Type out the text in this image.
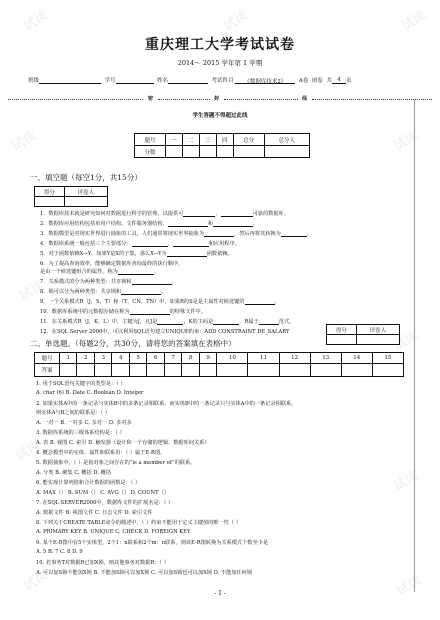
试读	试读	试读
试读	试读
试读
试读
试读
试读
试读	试读
重庆理工大学考试试卷
2014～ 2015 学年第 1 学期
班级	学号	姓名	考试科目 《数据库技术2》 A卷 闭卷 共 4 页
密	封	线
学生答题不得超过此线
题号	一	二	三	四	总分	总分人
分数						
得分	评卷人

一、填空题（每空1分，共15分）
1．数据库技术就是研究如何对数据进行科学的管理，以提供可	、	可靠的数据库。
2．数据库应用结构包括单用户结构、文件服务器结构、	和	。
3．数据模型是对现实世界进行抽象的工具，人们通常将现实世界抽象为	，然后再将其转换为	。
4．数据库系统一般包括三个主要部分：	、	和应用程序。
5．对于函数依赖X→Y，如果Y是X的子集，那么X→Y为	函数依赖。
6．为了提高查询效率，能够确定数据库查询最终的执行顺序，
是由一个候选键组合的属性，称为	。
7．关系模式的分为两种类型：共享锁和	。
8．锁可以分为两种类型：共享锁和	。
9．一个关系模式R（J，S，T）和（T，CN，TN）中，如果R的S是是主属性对候选键的	。
10．数据库系统中的元数据存储在称为	的特殊文件中。
11．在关系模式R（J，K，L）中，主键为J，且J是	，K的主码是	，R属于	范式。
12．在SQL Server 2000中，可以利用SQL语句建立UNIQUE约束：ADD CONSTRAINT DE_SALARY	得分	评卷人

二、单选题。（每题2分，共30分，请将您的答案填在表格中）
题号	1	2	3	4	5	6	7	8	9	10	11	12	13	14	15
答案															
1. 用于SQL语句关键字的类型是：（ ）
A. char (6) B. Date C. Boolean D. Integer
2. 如果实体A中的一条记录与实体B中的多条记录相联系，而实体B中的一条记录只与实体A中的一条记录相联系，
则实体A与B之间的联系是：（ ）
A. 一对一 B. 一对多 C. 多对一 D. 多对多
3. 数据库系统的三级体系结构是：（ ）
A. 表 B. 视图 C. 索引 D. 触发器（设计和一个存储的逻辑、数据库间关系）
4. 概念模型中的实体、属性和联系用：（ ）属于E-R图。
5. 数据抽象中，（ ）是指对象之间存在的“is a member of”的联系。
A. 分类 B. 聚集 C. 概括 D. 概括
6. 能实现计算列值和合计数据的函数是：（ ）
A. MAX（） B. SUM（） C. AVG（） D. COUNT（）
7. 在SQL SERVER2000中，数据库文件的扩展名是：（ ）
A. 数据文件 B. 视图文件 C. 日志文件 D. 索引文件
8. 下列关于CREATE TABLE命令的描述中，（ ）约束不能用于定义主键值的唯一性（ ）
A. PRIMARY KEY B. UNIQUE C. CHECK D. FOREIGN KEY
9. 某个E-R图中有5个实体型，2个1：n联系和2个m：n联系，则该E-R图转换为关系模式个数至少是
A. 5 B. 7 C. 8 D. 9
10. 若事务T对数据R已加X锁，则其他事务对数据R：（ ）
A. 可以加S锁不能加X锁 B. 不能加S锁可以加X锁 C. 可以加S锁也可以加X锁 D. 不能加任何锁
- 1 -
